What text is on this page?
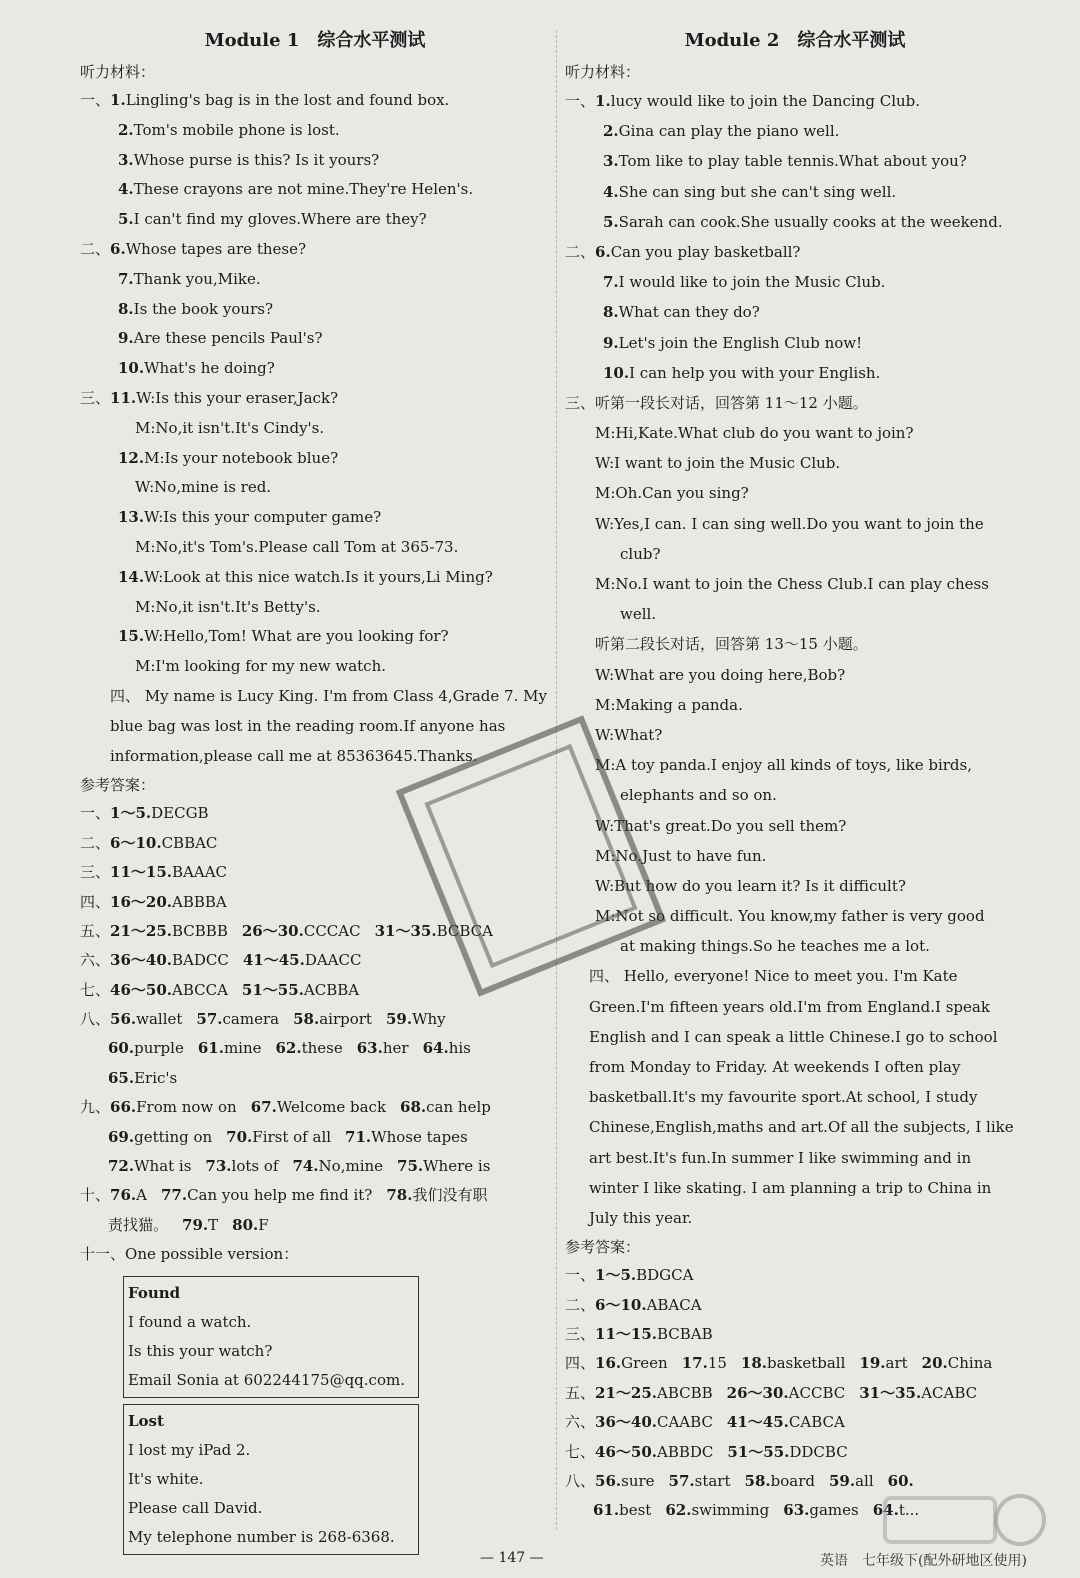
Module 1　综合水平测试
听力材料：
一、1.Lingling's bag is in the lost and found box.
2.Tom's mobile phone is lost.
3.Whose purse is this? Is it yours?
4.These crayons are not mine.They're Helen's.
5.I can't find my gloves.Where are they?
二、6.Whose tapes are these?
7.Thank you,Mike.
8.Is the book yours?
9.Are these pencils Paul's?
10.What's he doing?
三、11.W:Is this your eraser,Jack?
M:No,it isn't.It's Cindy's.
12.M:Is your notebook blue?
W:No,mine is red.
13.W:Is this your computer game?
M:No,it's Tom's.Please call Tom at 365-73.
14.W:Look at this nice watch.Is it yours,Li Ming?
M:No,it isn't.It's Betty's.
15.W:Hello,Tom! What are you looking for?
M:I'm looking for my new watch.
四、 My name is Lucy King. I'm from Class 4,Grade 7. My blue bag was lost in the reading room.If anyone has information,please call me at 85363645.Thanks.
参考答案：
一、1～5.DECGB
二、6～10.CBBAC
三、11～15.BAAAC
四、16～20.ABBBA
五、21～25.BCBBB 26～30.CCCAC 31～35.BCBCA
六、36～40.BADCC 41～45.DAACC
七、46～50.ABCCA 51～55.ACBBA
八、56.wallet 57.camera 58.airport 59.Why
60.purple 61.mine 62.these 63.her 64.his
65.Eric's
九、66.From now on 67.Welcome back 68.can help
69.getting on 70.First of all 71.Whose tapes
72.What is 73.lots of 74.No,mine 75.Where is
十、76.A 77.Can you help me find it? 78.我们没有职
责找猫。 79.T 80.F
十一、One possible version：
Found
I found a watch.
Is this your watch?
Email Sonia at 602244175@qq.com.
Lost
I lost my iPad 2.
It's white.
Please call David.
My telephone number is 268-6368.
Module 2　综合水平测试
听力材料：
一、1.lucy would like to join the Dancing Club.
2.Gina can play the piano well.
3.Tom like to play table tennis.What about you?
4.She can sing but she can't sing well.
5.Sarah can cook.She usually cooks at the weekend.
二、6.Can you play basketball?
7.I would like to join the Music Club.
8.What can they do?
9.Let's join the English Club now!
10.I can help you with your English.
三、听第一段长对话，回答第 11～12 小题。
M:Hi,Kate.What club do you want to join?
W:I want to join the Music Club.
M:Oh.Can you sing?
W:Yes,I can. I can sing well.Do you want to join the
club?
M:No.I want to join the Chess Club.I can play chess
well.
听第二段长对话，回答第 13～15 小题。
W:What are you doing here,Bob?
M:Making a panda.
W:What?
M:A toy panda.I enjoy all kinds of toys, like birds,
elephants and so on.
W:That's great.Do you sell them?
M:No.Just to have fun.
W:But how do you learn it? Is it difficult?
M:Not so difficult. You know,my father is very good
at making things.So he teaches me a lot.
四、 Hello, everyone! Nice to meet you. I'm Kate Green.I'm fifteen years old.I'm from England.I speak English and I can speak a little Chinese.I go to school from Monday to Friday. At weekends I often play basketball.It's my favourite sport.At school, I study Chinese,English,maths and art.Of all the subjects, I like art best.It's fun.In summer I like swimming and in winter I like skating. I am planning a trip to China in July this year.
参考答案：
一、1～5.BDGCA
二、6～10.ABACA
三、11～15.BCBAB
四、16.Green 17.15 18.basketball 19.art 20.China
五、21～25.ABCBB 26～30.ACCBC 31～35.ACABC
六、36～40.CAABC 41～45.CABCA
七、46～50.ABBDC 51～55.DDCBC
八、56.sure 57.start 58.board 59.all 60.
61.best 62.swimming 63.games 64.t...
— 147 —	英语　七年级下(配外研地区使用)
